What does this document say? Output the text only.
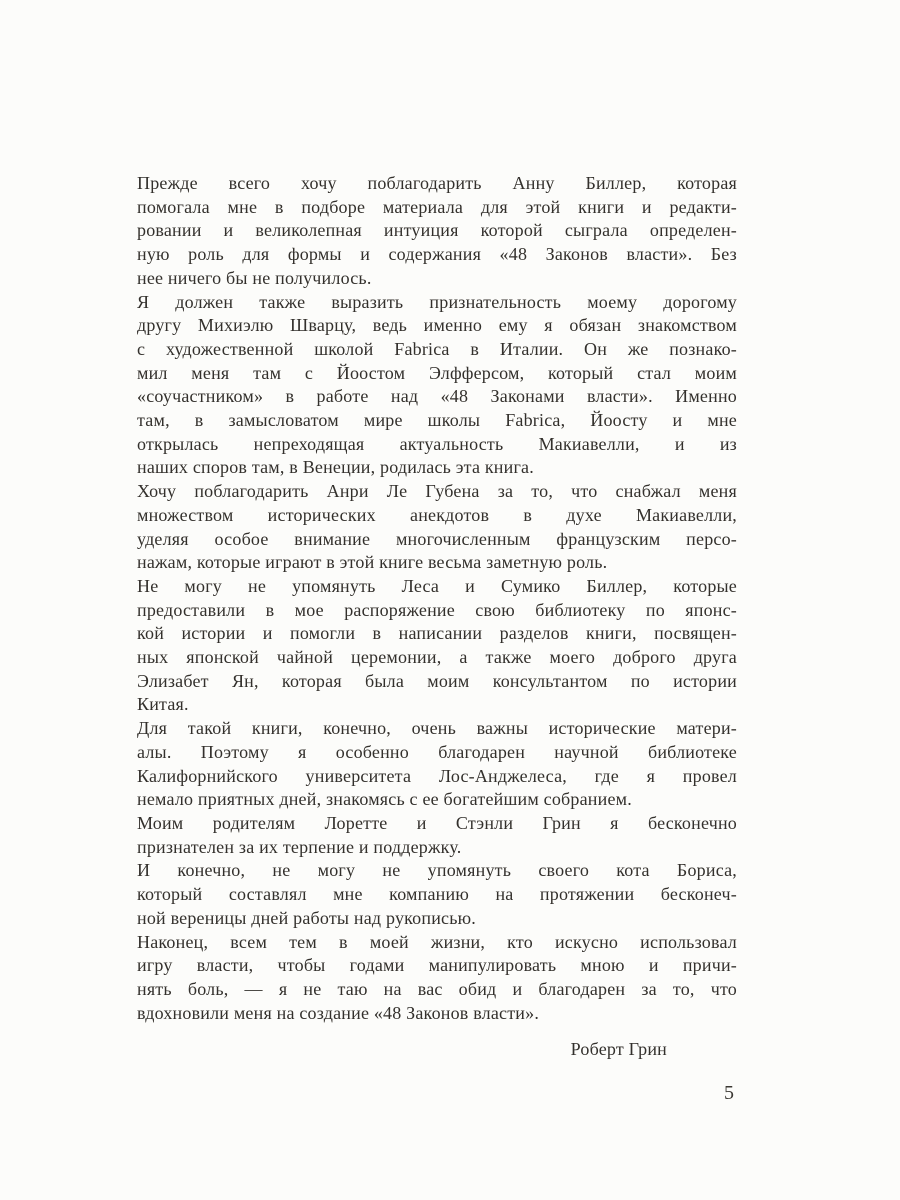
Прежде всего хочу поблагодарить Анну Биллер, которая
помогала мне в подборе материала для этой книги и редакти-
ровании и великолепная интуиция которой сыграла определен-
ную роль для формы и содержания «48 Законов власти». Без
нее ничего бы не получилось.
Я должен также выразить признательность моему дорогому
другу Михиэлю Шварцу, ведь именно ему я обязан знакомством
с художественной школой Fabrica в Италии. Он же познако-
мил меня там с Йоостом Элфферсом, который стал моим
«соучастником» в работе над «48 Законами власти». Именно
там, в замысловатом мире школы Fabrica, Йоосту и мне
открылась непреходящая актуальность Макиавелли, и из
наших споров там, в Венеции, родилась эта книга.
Хочу поблагодарить Анри Ле Губена за то, что снабжал меня
множеством исторических анекдотов в духе Макиавелли,
уделяя особое внимание многочисленным французским персо-
нажам, которые играют в этой книге весьма заметную роль.
Не могу не упомянуть Леса и Сумико Биллер, которые
предоставили в мое распоряжение свою библиотеку по японс-
кой истории и помогли в написании разделов книги, посвящен-
ных японской чайной церемонии, а также моего доброго друга
Элизабет Ян, которая была моим консультантом по истории
Китая.
Для такой книги, конечно, очень важны исторические матери-
алы. Поэтому я особенно благодарен научной библиотеке
Калифорнийского университета Лос-Анджелеса, где я провел
немало приятных дней, знакомясь с ее богатейшим собранием.
Моим родителям Лоретте и Стэнли Грин я бесконечно
признателен за их терпение и поддержку.
И конечно, не могу не упомянуть своего кота Бориса,
который составлял мне компанию на протяжении бесконеч-
ной вереницы дней работы над рукописью.
Наконец, всем тем в моей жизни, кто искусно использовал
игру власти, чтобы годами манипулировать мною и причи-
нять боль, — я не таю на вас обид и благодарен за то, что
вдохновили меня на создание «48 Законов власти».
Роберт Грин
5
